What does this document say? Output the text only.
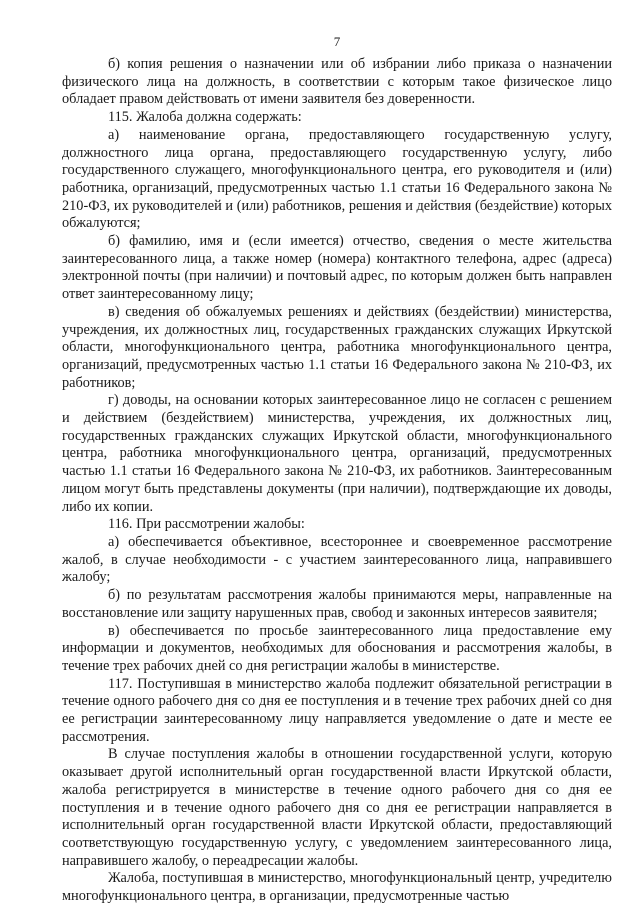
7

б) копия решения о назначении или об избрании либо приказа о назначении физического лица на должность, в соответствии с которым такое физическое лицо обладает правом действовать от имени заявителя без доверенности.

115. Жалоба должна содержать:

а) наименование органа, предоставляющего государственную услугу, должностного лица органа, предоставляющего государственную услугу, либо государственного служащего, многофункционального центра, его руководителя и (или) работника, организаций, предусмотренных частью 1.1 статьи 16 Федерального закона № 210-ФЗ, их руководителей и (или) работников, решения и действия (бездействие) которых обжалуются;

б) фамилию, имя и (если имеется) отчество, сведения о месте жительства заинтересованного лица, а также номер (номера) контактного телефона, адрес (адреса) электронной почты (при наличии) и почтовый адрес, по которым должен быть направлен ответ заинтересованному лицу;

в) сведения об обжалуемых решениях и действиях (бездействии) министерства, учреждения, их должностных лиц, государственных гражданских служащих Иркутской области, многофункционального центра, работника многофункционального центра, организаций, предусмотренных частью 1.1 статьи 16 Федерального закона № 210-ФЗ, их работников;

г) доводы, на основании которых заинтересованное лицо не согласен с решением и действием (бездействием) министерства, учреждения, их должностных лиц, государственных гражданских служащих Иркутской области, многофункционального центра, работника многофункционального центра, организаций, предусмотренных частью 1.1 статьи 16 Федерального закона № 210-ФЗ, их работников. Заинтересованным лицом могут быть представлены документы (при наличии), подтверждающие их доводы, либо их копии.

116. При рассмотрении жалобы:

а) обеспечивается объективное, всестороннее и своевременное рассмотрение жалоб, в случае необходимости - с участием заинтересованного лица, направившего жалобу;

б) по результатам рассмотрения жалобы принимаются меры, направленные на восстановление или защиту нарушенных прав, свобод и законных интересов заявителя;

в) обеспечивается по просьбе заинтересованного лица предоставление ему информации и документов, необходимых для обоснования и рассмотрения жалобы, в течение трех рабочих дней со дня регистрации жалобы в министерстве.

117. Поступившая в министерство жалоба подлежит обязательной регистрации в течение одного рабочего дня со дня ее поступления и в течение трех рабочих дней со дня ее регистрации заинтересованному лицу направляется уведомление о дате и месте ее рассмотрения.

В случае поступления жалобы в отношении государственной услуги, которую оказывает другой исполнительный орган государственной власти Иркутской области, жалоба регистрируется в министерстве в течение одного рабочего дня со дня ее поступления и в течение одного рабочего дня со дня ее регистрации направляется в исполнительный орган государственной власти Иркутской области, предоставляющий соответствующую государственную услугу, с уведомлением заинтересованного лица, направившего жалобу, о переадресации жалобы.

Жалоба, поступившая в министерство, многофункциональный центр, учредителю многофункционального центра, в организации, предусмотренные частью
